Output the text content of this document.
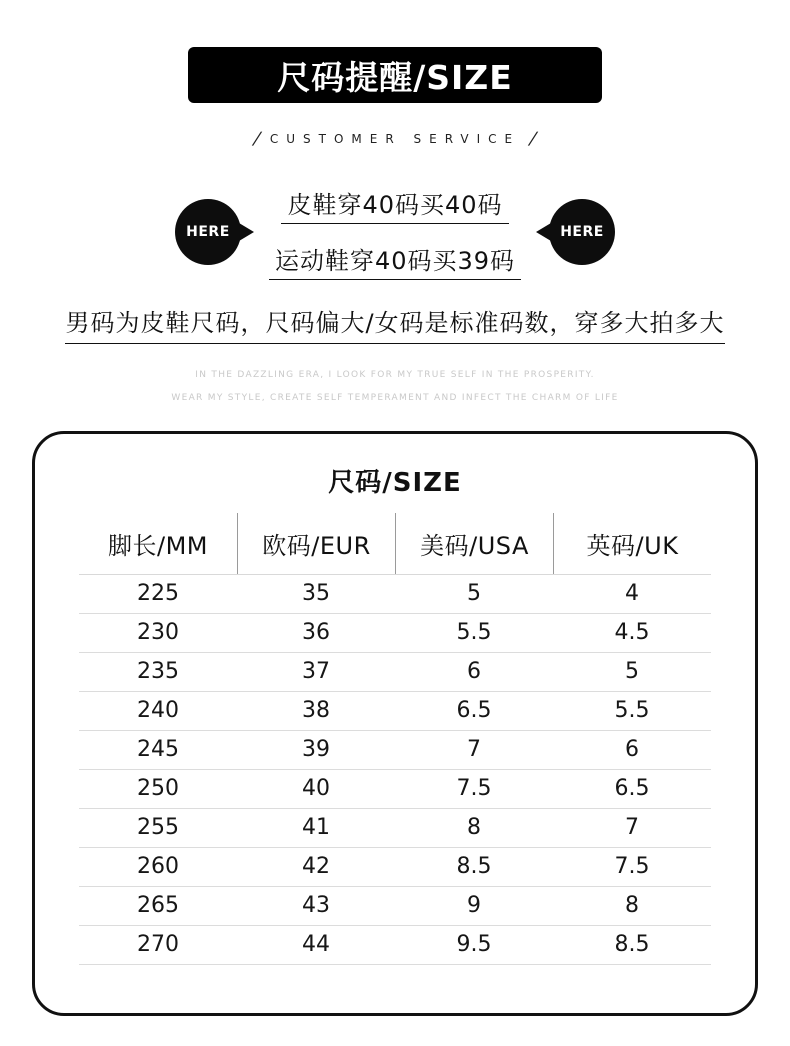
尺码提醒/SIZE
/ CUSTOMER SERVICE /
HERE
皮鞋穿40码买40码
运动鞋穿40码买39码
HERE
男码为皮鞋尺码，尺码偏大/女码是标准码数，穿多大拍多大
IN THE DAZZLING ERA, I LOOK FOR MY TRUE SELF IN THE PROSPERITY.
WEAR MY STYLE, CREATE SELF TEMPERAMENT AND INFECT THE CHARM OF LIFE
尺码/SIZE
脚长/MM	欧码/EUR	美码/USA	英码/UK
225	35	5	4
230	36	5.5	4.5
235	37	6	5
240	38	6.5	5.5
245	39	7	6
250	40	7.5	6.5
255	41	8	7
260	42	8.5	7.5
265	43	9	8
270	44	9.5	8.5
